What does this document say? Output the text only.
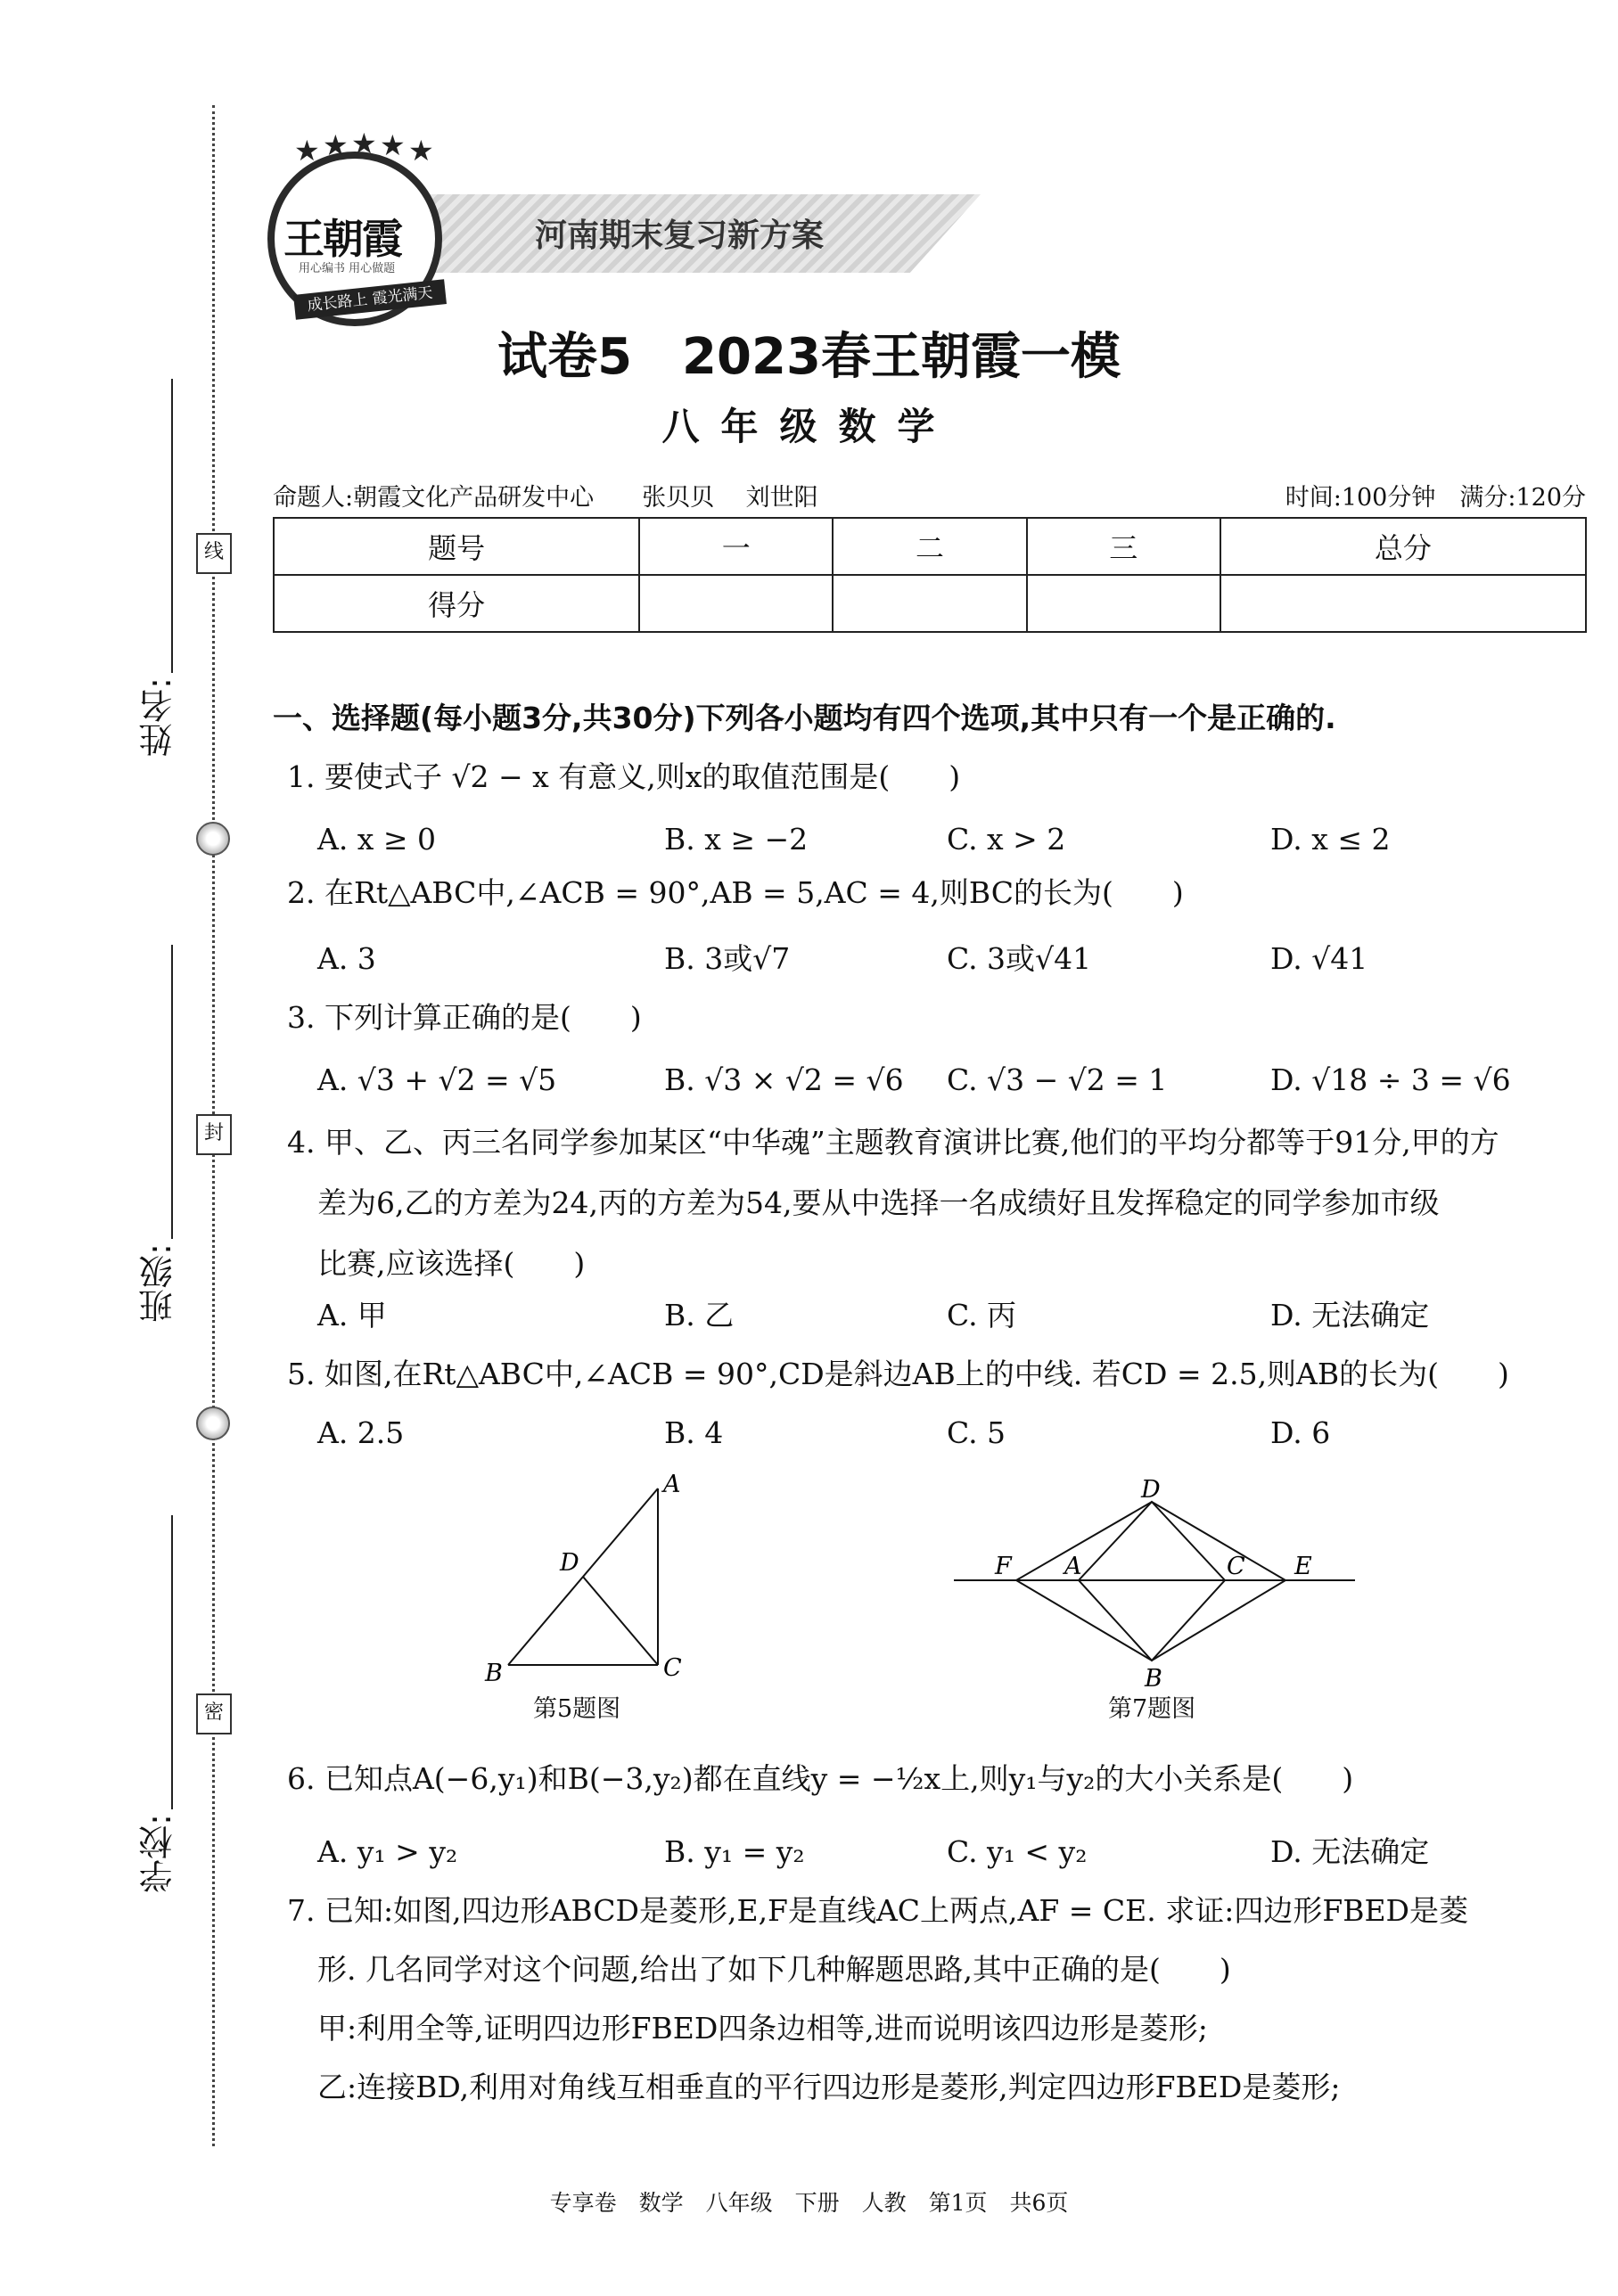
线
封
密
姓名:
班级:
学校:
河南期末复习新方案
★ ★ ★ ★ ★
王朝霞
用心编书 用心做题
成长路上 霞光满天
试卷5　2023春王朝霞一模
八年级数学
命题人:朝霞文化产品研发中心　　张贝贝　 刘世阳	时间:100分钟　满分:120分
题号	一	二	三	总分
得分				
一、选择题(每小题3分,共30分)下列各小题均有四个选项,其中只有一个是正确的.
1. 要使式子 √2 − x 有意义,则x的取值范围是(　　)
A. x ≥ 0	B. x ≥ −2	C. x > 2	D. x ≤ 2
2. 在Rt△ABC中,∠ACB = 90°,AB = 5,AC = 4,则BC的长为(　　)
A. 3	B. 3或√7	C. 3或√41	D. √41
3. 下列计算正确的是(　　)
A. √3 + √2 = √5	B. √3 × √2 = √6 C. √3 − √2 = 1	D. √18 ÷ 3 = √6
4. 甲、乙、丙三名同学参加某区“中华魂”主题教育演讲比赛,他们的平均分都等于91分,甲的方
差为6,乙的方差为24,丙的方差为54,要从中选择一名成绩好且发挥稳定的同学参加市级
比赛,应该选择(　　)
A. 甲	B. 乙	C. 丙	D. 无法确定
5. 如图,在Rt△ABC中,∠ACB = 90°,CD是斜边AB上的中线. 若CD = 2.5,则AB的长为(　　)
A. 2.5	B. 4	C. 5	D. 6
A
B	C
D
第5题图
D
F A	C E
B
第7题图
6. 已知点A(−6,y₁)和B(−3,y₂)都在直线y = −½x上,则y₁与y₂的大小关系是(　　)
A. y₁ > y₂	B. y₁ = y₂	C. y₁ < y₂	D. 无法确定
7. 已知:如图,四边形ABCD是菱形,E,F是直线AC上两点,AF = CE. 求证:四边形FBED是菱
形. 几名同学对这个问题,给出了如下几种解题思路,其中正确的是(　　)
甲:利用全等,证明四边形FBED四条边相等,进而说明该四边形是菱形;
乙:连接BD,利用对角线互相垂直的平行四边形是菱形,判定四边形FBED是菱形;
专享卷　数学　八年级　下册　人教　第1页　共6页
